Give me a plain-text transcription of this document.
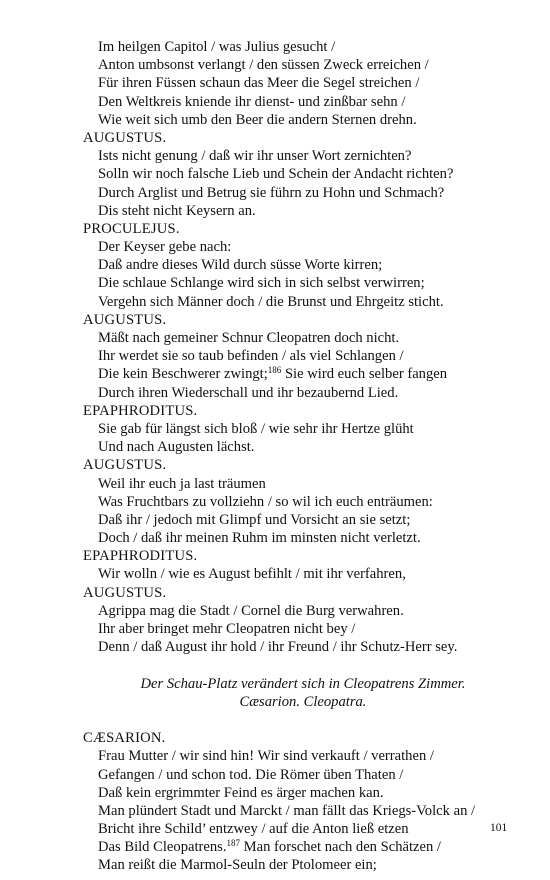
Im heilgen Capitol / was Julius gesucht /
Anton umbsonst verlangt / den süssen Zweck erreichen /
Für ihren Füssen schaun das Meer die Segel streichen /
Den Weltkreis kniende ihr dienst- und zinßbar sehn /
Wie weit sich umb den Beer die andern Sternen drehn.
AUGUSTUS.
Ists nicht genung / daß wir ihr unser Wort zernichten?
Solln wir noch falsche Lieb und Schein der Andacht richten?
Durch Arglist und Betrug sie führn zu Hohn und Schmach?
Dis steht nicht Keysern an.
PROCULEJUS.
Der Keyser gebe nach:
Daß andre dieses Wild durch süsse Worte kirren;
Die schlaue Schlange wird sich in sich selbst verwirren;
Vergehn sich Männer doch / die Brunst und Ehrgeitz sticht.
AUGUSTUS.
Mäßt nach gemeiner Schnur Cleopatren doch nicht.
Ihr werdet sie so taub befinden / als viel Schlangen /
Die kein Beschwerer zwingt;$^{186}$ Sie wird euch selber fangen
Durch ihren Wiederschall und ihr bezaubernd Lied.
EPAPHRODITUS.
Sie gab für längst sich bloß / wie sehr ihr Hertze glüht
Und nach Augusten lächst.
AUGUSTUS.
Weil ihr euch ja last träumen
Was Fruchtbars zu vollziehn / so wil ich euch enträumen:
Daß ihr / jedoch mit Glimpf und Vorsicht an sie setzt;
Doch / daß ihr meinen Ruhm im minsten nicht verletzt.
EPAPHRODITUS.
Wir wolln / wie es August befihlt / mit ihr verfahren,
AUGUSTUS.
Agrippa mag die Stadt / Cornel die Burg verwahren.
Ihr aber bringet mehr Cleopatren nicht bey /
Denn / daß August ihr hold / ihr Freund / ihr Schutz-Herr sey.
Der Schau-Platz verändert sich in Cleopatrens Zimmer.
Cæsarion. Cleopatra.
CÆSARION.
Frau Mutter / wir sind hin! Wir sind verkauft / verrathen /
Gefangen / und schon tod. Die Römer üben Thaten /
Daß kein ergrimmter Feind es ärger machen kan.
Man plündert Stadt und Marckt / man fällt das Kriegs-Volck an /
Bricht ihre Schild’ entzwey / auf die Anton ließ etzen
Das Bild Cleopatrens.$^{187}$ Man forschet nach den Schätzen /
Man reißt die Marmol-Seuln der Ptolomeer ein;
101
